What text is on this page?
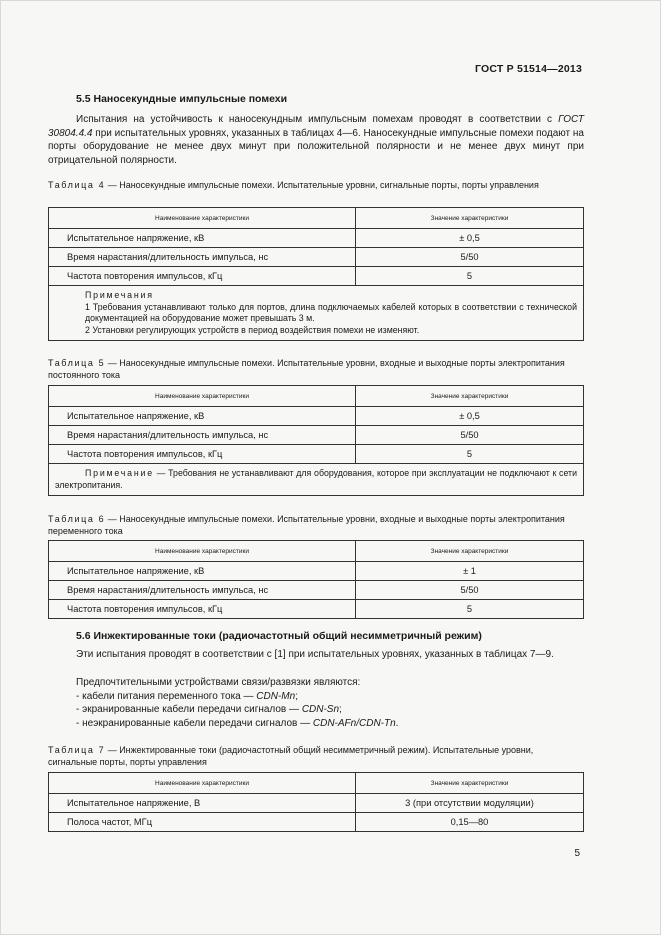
ГОСТ Р 51514—2013
5.5 Наносекундные импульсные помехи
Испытания на устойчивость к наносекундным импульсным помехам проводят в соответствии с ГОСТ 30804.4.4 при испытательных уровнях, указанных в таблицах 4—6. Наносекундные импульсные помехи подают на порты оборудование не менее двух минут при положительной полярности и не менее двух минут при отрицательной полярности.
Таблица 4 — Наносекундные импульсные помехи. Испытательные уровни, сигнальные порты, порты управления
Наименование характеристики	Значение характеристики
Испытательное напряжение, кВ	± 0,5
Время нарастания/длительность импульса, нс	5/50
Частота повторения импульсов, кГц	5
Примечания
1 Требования устанавливают только для портов, длина подключаемых кабелей которых в соответствии с технической документацией на оборудование может превышать 3 м.
2 Установки регулирующих устройств в период воздействия помехи не изменяют.	
Таблица 5 — Наносекундные импульсные помехи. Испытательные уровни, входные и выходные порты электропитания постоянного тока
Наименование характеристики	Значение характеристики
Испытательное напряжение, кВ	± 0,5
Время нарастания/длительность импульса, нс	5/50
Частота повторения импульсов, кГц	5
Примечание — Требования не устанавливают для оборудования, которое при эксплуатации не подключают к сети электропитания.	
Таблица 6 — Наносекундные импульсные помехи. Испытательные уровни, входные и выходные порты электропитания переменного тока
Наименование характеристики	Значение характеристики
Испытательное напряжение, кВ	± 1
Время нарастания/длительность импульса, нс	5/50
Частота повторения импульсов, кГц	5
5.6 Инжектированные токи (радиочастотный общий несимметричный режим)
Эти испытания проводят в соответствии с [1] при испытательных уровнях, указанных в таблицах 7—9.
Предпочтительными устройствами связи/развязки являются:
- кабели питания переменного тока — CDN-Mn;
- экранированные кабели передачи сигналов — CDN-Sn;
- неэкранированные кабели передачи сигналов — CDN-AFn/CDN-Tn.
Таблица 7 — Инжектированные токи (радиочастотный общий несимметричный режим). Испытательные уровни, сигнальные порты, порты управления
Наименование характеристики	Значение характеристики
Испытательное напряжение, В	3 (при отсутствии модуляции)
Полоса частот, МГц	0,15—80
5
